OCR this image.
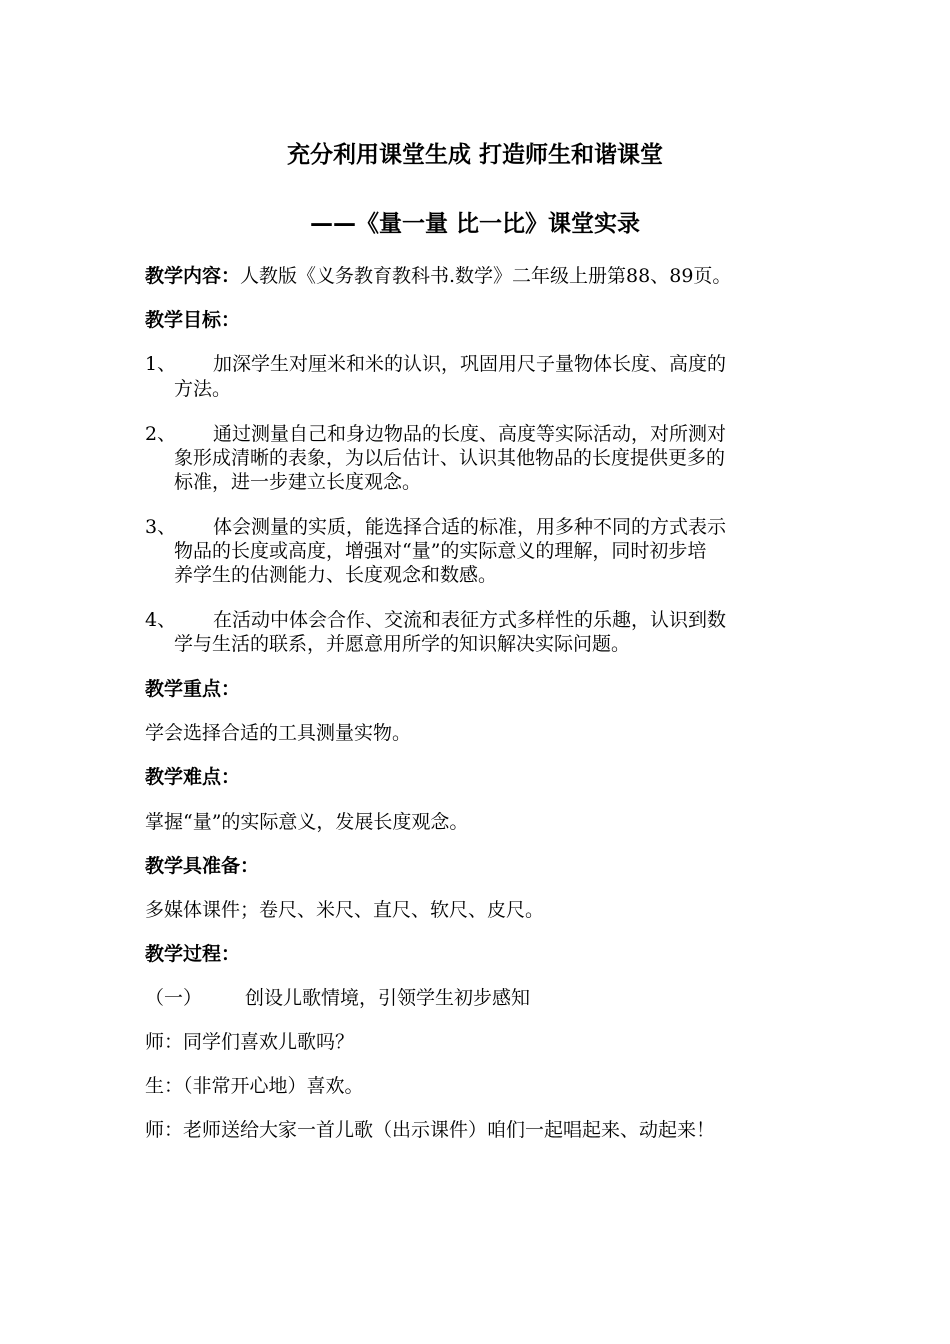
充分利用课堂生成 打造师生和谐课堂
——《量一量 比一比》课堂实录
教学内容：人教版《义务教育教科书.数学》二年级上册第88、89页。
教学目标：
1、 加深学生对厘米和米的认识，巩固用尺子量物体长度、高度的
方法。
2、 通过测量自己和身边物品的长度、高度等实际活动，对所测对
象形成清晰的表象，为以后估计、认识其他物品的长度提供更多的
标准，进一步建立长度观念。
3、 体会测量的实质，能选择合适的标准，用多种不同的方式表示
物品的长度或高度，增强对“量”的实际意义的理解，同时初步培
养学生的估测能力、长度观念和数感。
4、 在活动中体会合作、交流和表征方式多样性的乐趣，认识到数
学与生活的联系，并愿意用所学的知识解决实际问题。
教学重点：
学会选择合适的工具测量实物。
教学难点：
掌握“量”的实际意义，发展长度观念。
教学具准备：
多媒体课件；卷尺、米尺、直尺、软尺、皮尺。
教学过程：
（一） 创设儿歌情境，引领学生初步感知
师：同学们喜欢儿歌吗？
生：（非常开心地）喜欢。
师：老师送给大家一首儿歌（出示课件）咱们一起唱起来、动起来！
